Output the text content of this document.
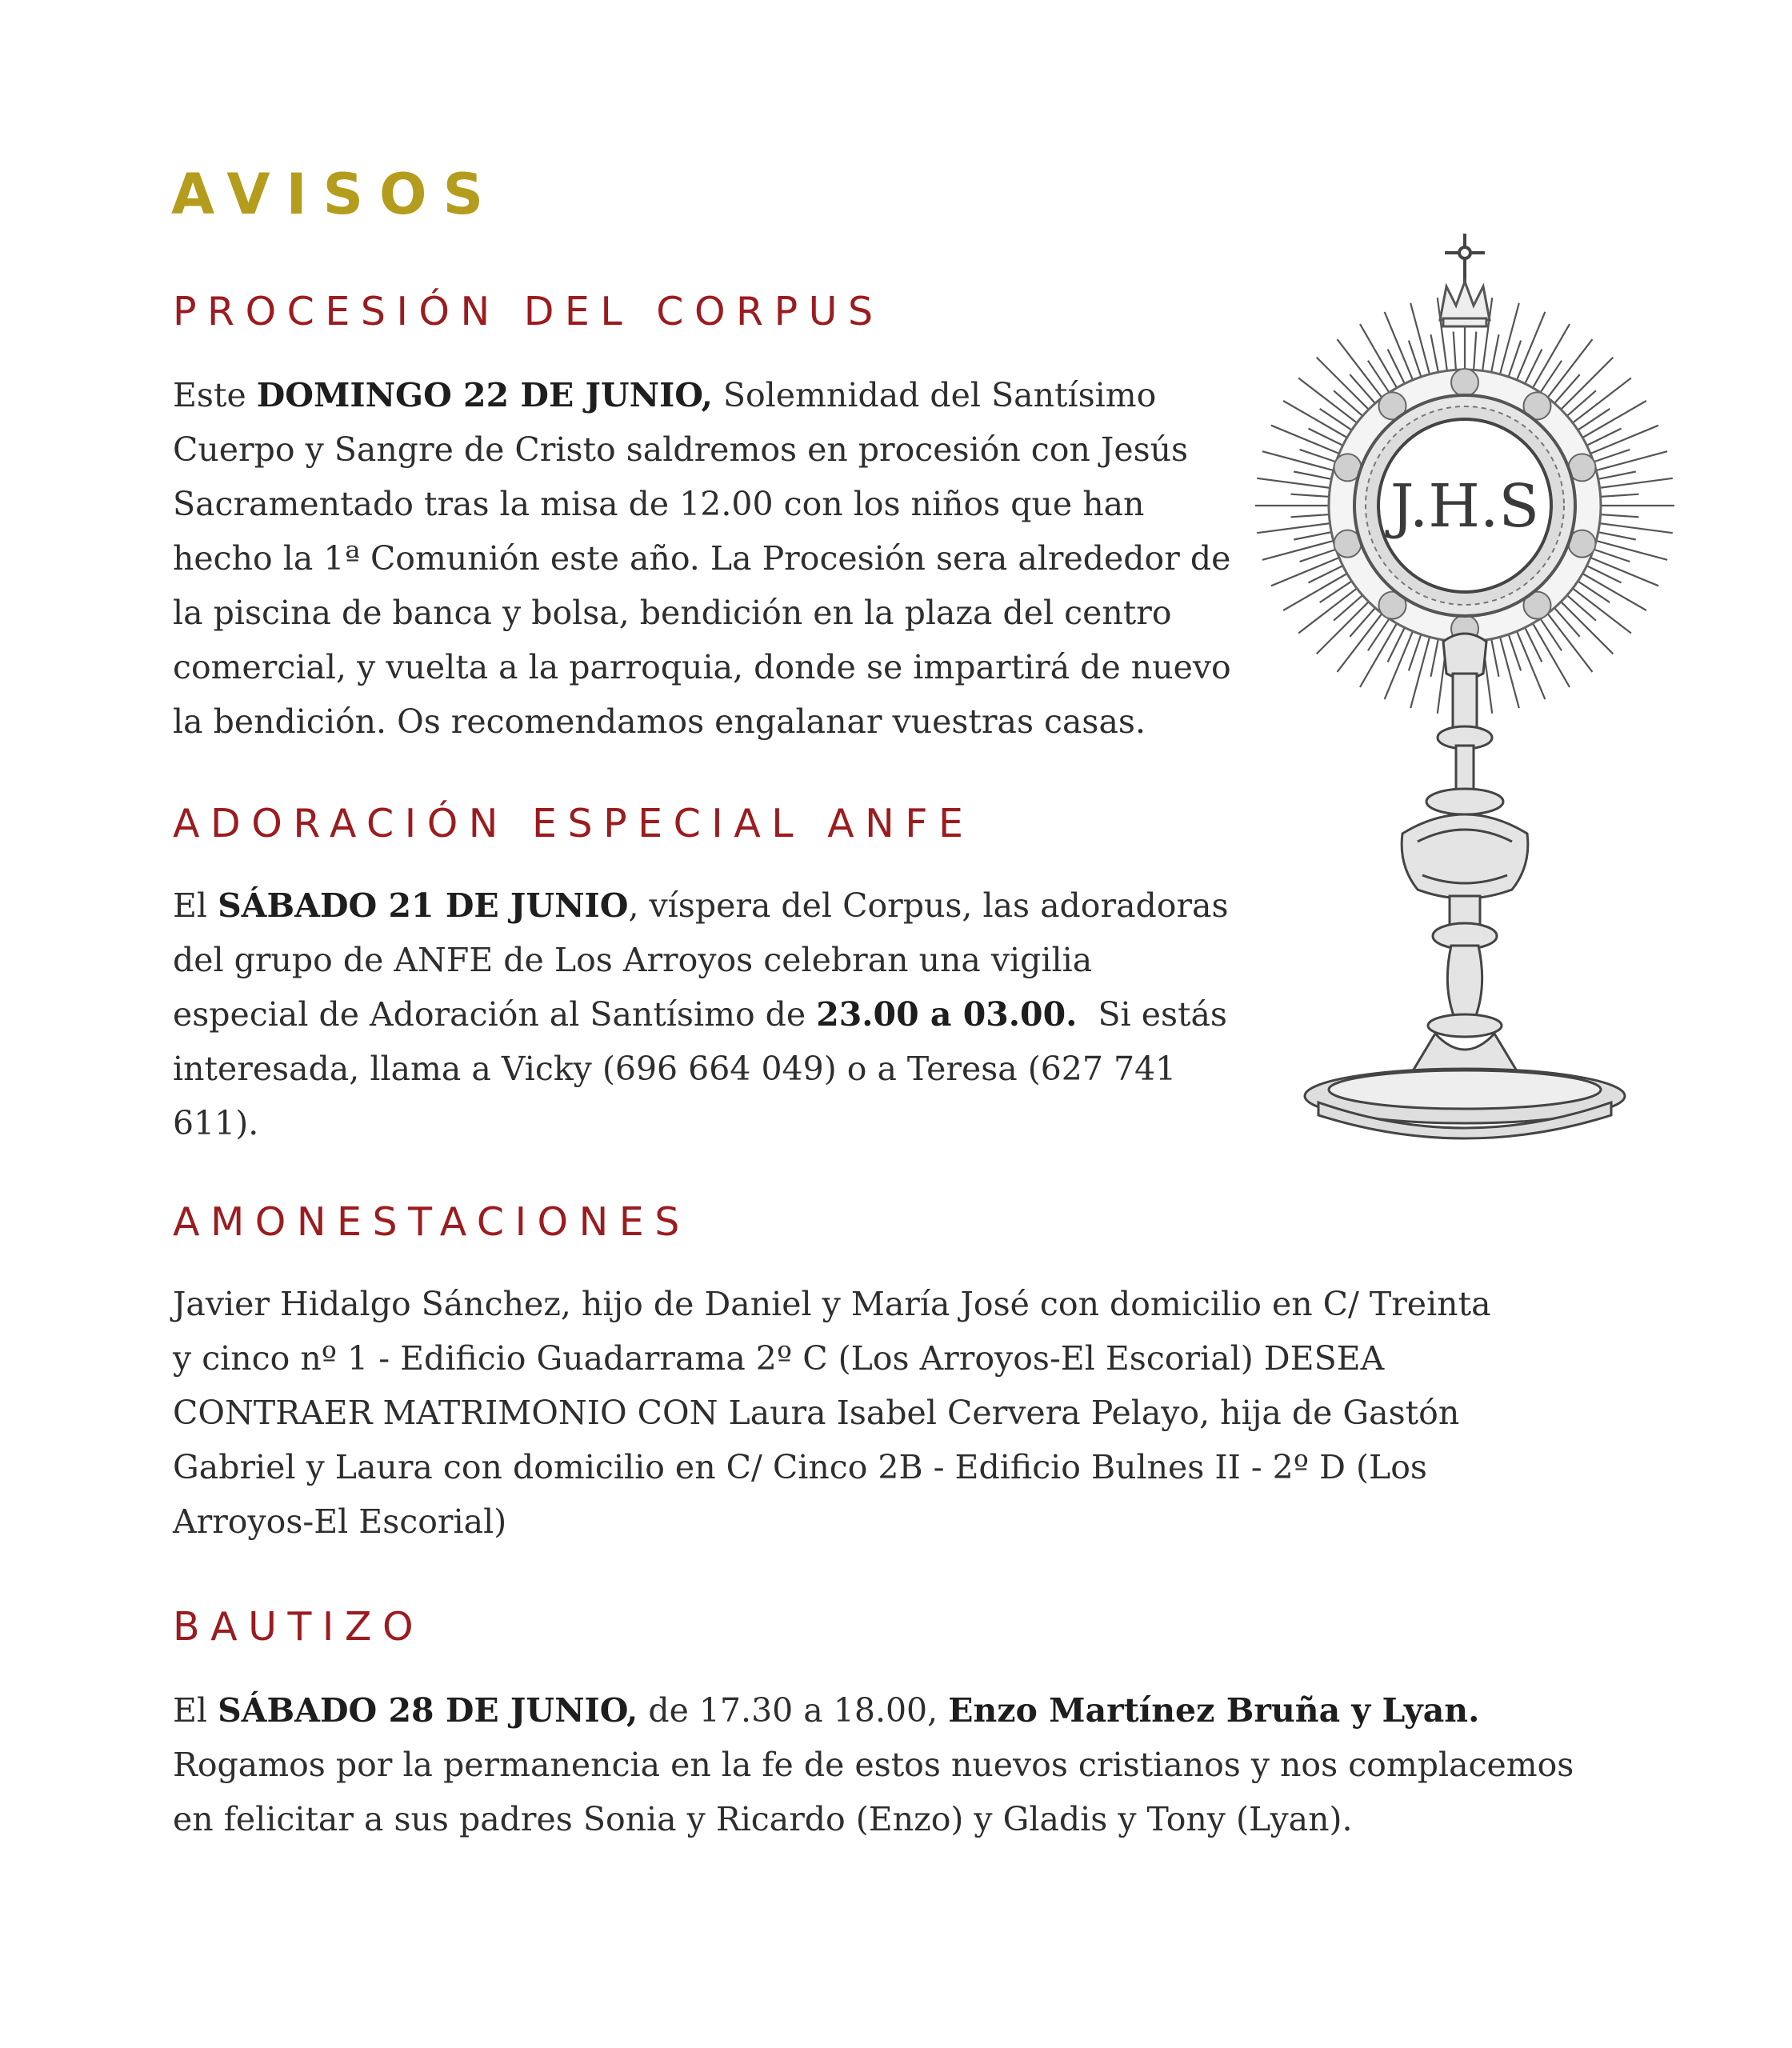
AVISOS
PROCESIÓN DEL CORPUS
Este DOMINGO 22 DE JUNIO, Solemnidad del Santísimo
Cuerpo y Sangre de Cristo saldremos en procesión con Jesús
Sacramentado tras la misa de 12.00 con los niños que han
hecho la 1ª Comunión este año. La Procesión sera alrededor de
la piscina de banca y bolsa, bendición en la plaza del centro
comercial, y vuelta a la parroquia, donde se impartirá de nuevo
la bendición. Os recomendamos engalanar vuestras casas.
ADORACIÓN ESPECIAL ANFE
El SÁBADO 21 DE JUNIO, víspera del Corpus, las adoradoras
del grupo de ANFE de Los Arroyos celebran una vigilia
especial de Adoración al Santísimo de 23.00 a 03.00.  Si estás
interesada, llama a Vicky (696 664 049) o a Teresa (627 741
611).
AMONESTACIONES
Javier Hidalgo Sánchez, hijo de Daniel y María José con domicilio en C/ Treinta
y cinco nº 1 - Edificio Guadarrama 2º C (Los Arroyos-El Escorial) DESEA
CONTRAER MATRIMONIO CON Laura Isabel Cervera Pelayo, hija de Gastón
Gabriel y Laura con domicilio en C/ Cinco 2B - Edificio Bulnes II - 2º D (Los
Arroyos-El Escorial)
BAUTIZO
El SÁBADO 28 DE JUNIO, de 17.30 a 18.00, Enzo Martínez Bruña y Lyan.
Rogamos por la permanencia en la fe de estos nuevos cristianos y nos complacemos
en felicitar a sus padres Sonia y Ricardo (Enzo) y Gladis y Tony (Lyan).
J.H.S
